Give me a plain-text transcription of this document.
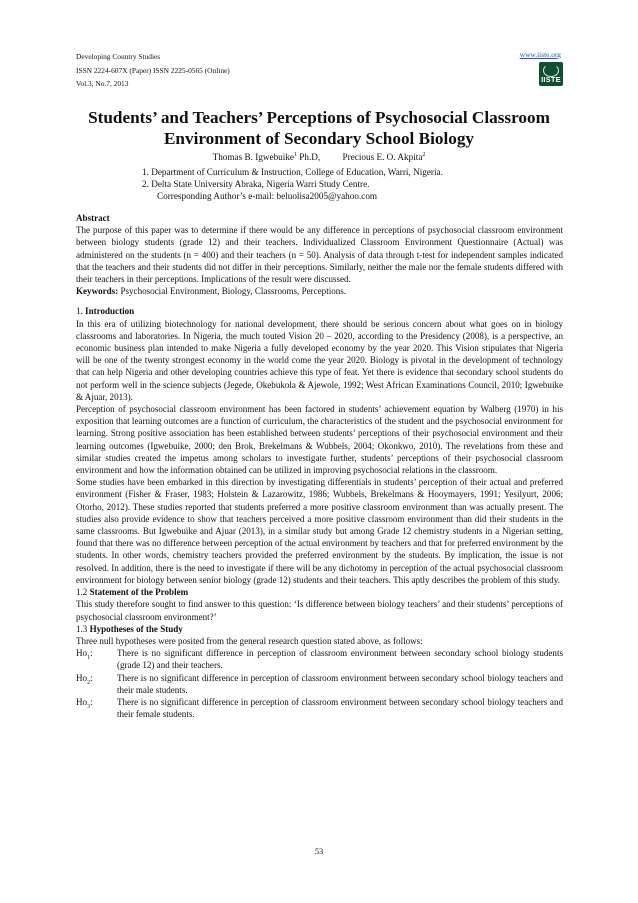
Developing Country Studies
ISSN 2224-607X (Paper) ISSN 2225-0565 (Online)
Vol.3, No.7, 2013
www.iiste.org
IISTE
Students’ and Teachers’ Perceptions of Psychosocial Classroom Environment of Secondary School Biology
Thomas B. Igwebuike$^1$ Ph.D, Precious E. O. Akpita$^2$
1. Department of Curriculum & Instruction, College of Education, Warri, Nigeria.
2. Delta State University Abraka, Nigeria Warri Study Centre.
Corresponding Author’s e-mail: beluolisa2005@yahoo.com

Abstract

The purpose of this paper was to determine if there would be any difference in perceptions of psychosocial classroom environment between biology students (grade 12) and their teachers. Individualized Classroom Environment Questionnaire (Actual) was administered on the students (n = 400) and their teachers (n = 50). Analysis of data through t-test for independent samples indicated that the teachers and their students did not differ in their perceptions. Similarly, neither the male nor the female students differed with their teachers in their perceptions. Implications of the result were discussed.

Keywords: Psychosocial Environment, Biology, Classrooms, Perceptions.

1. Introduction

In this era of utilizing biotechnology for national development, there should be serious concern about what goes on in biology classrooms and laboratories. In Nigeria, the much touted Vision 20 – 2020, according to the Presidency (2008), is a perspective, an economic business plan intended to make Nigeria a fully developed economy by the year 2020. This Vision stipulates that Nigeria will be one of the twenty strongest economy in the world come the year 2020. Biology is pivotal in the development of technology that can help Nigeria and other developing countries achieve this type of feat. Yet there is evidence that secondary school students do not perform well in the science subjects (Jegede, Okebukola & Ajewole, 1992; West African Examinations Council, 2010; Igwebuike & Ajuar, 2013).

Perception of psychosocial classroom environment has been factored in students’ achievement equation by Walberg (1970) in his exposition that learning outcomes are a function of curriculum, the characteristics of the student and the psychosocial environment for learning. Strong positive association has been established between students’ perceptions of their psychosocial environment and their learning outcomes (Igwebuike, 2000; den Brok, Brekelmans & Wubbels, 2004; Okonkwo, 2010). The revelations from these and similar studies created the impetus among scholars to investigate further, students’ perceptions of their psychosocial classroom environment and how the information obtained can be utilized in improving psychosocial relations in the classroom.

Some studies have been embarked in this direction by investigating differentials in students’ perception of their actual and preferred environment (Fisher & Fraser, 1983; Holstein & Lazarowitz, 1986; Wubbels, Brekelmans & Hooymayers, 1991; Yesilyurt, 2006; Otorho, 2012). These studies reported that students preferred a more positive classroom environment than was actually present. The studies also provide evidence to show that teachers perceived a more positive classroom environment than did their students in the same classrooms. But Igwebuike and Ajuar (2013), in a similar study but among Grade 12 chemistry students in a Nigerian setting, found that there was no difference between perception of the actual environment by teachers and that for preferred environment by the students. In other words, chemistry teachers provided the preferred environment by the students. By implication, the issue is not resolved. In addition, there is the need to investigate if there will be any dichotomy in perception of the actual psychosocial classroom environment for biology between senior biology (grade 12) students and their teachers. This aptly describes the problem of this study.

1.2 Statement of the Problem

This study therefore sought to find answer to this question: ‘Is difference between biology teachers’ and their students’ perceptions of psychosocial classroom environment?’

1.3 Hypotheses of the Study

Three null hypotheses were posited from the general research question stated above, as follows:

$Ho_1$:	There is no significant difference in perception of classroom environment between secondary school biology students (grade 12) and their teachers.

$Ho_2$:	There is no significant difference in perception of classroom environment between secondary school biology teachers and their male students.

$Ho_3$:	There is no significant difference in perception of classroom environment between secondary school biology teachers and their female students.

53
